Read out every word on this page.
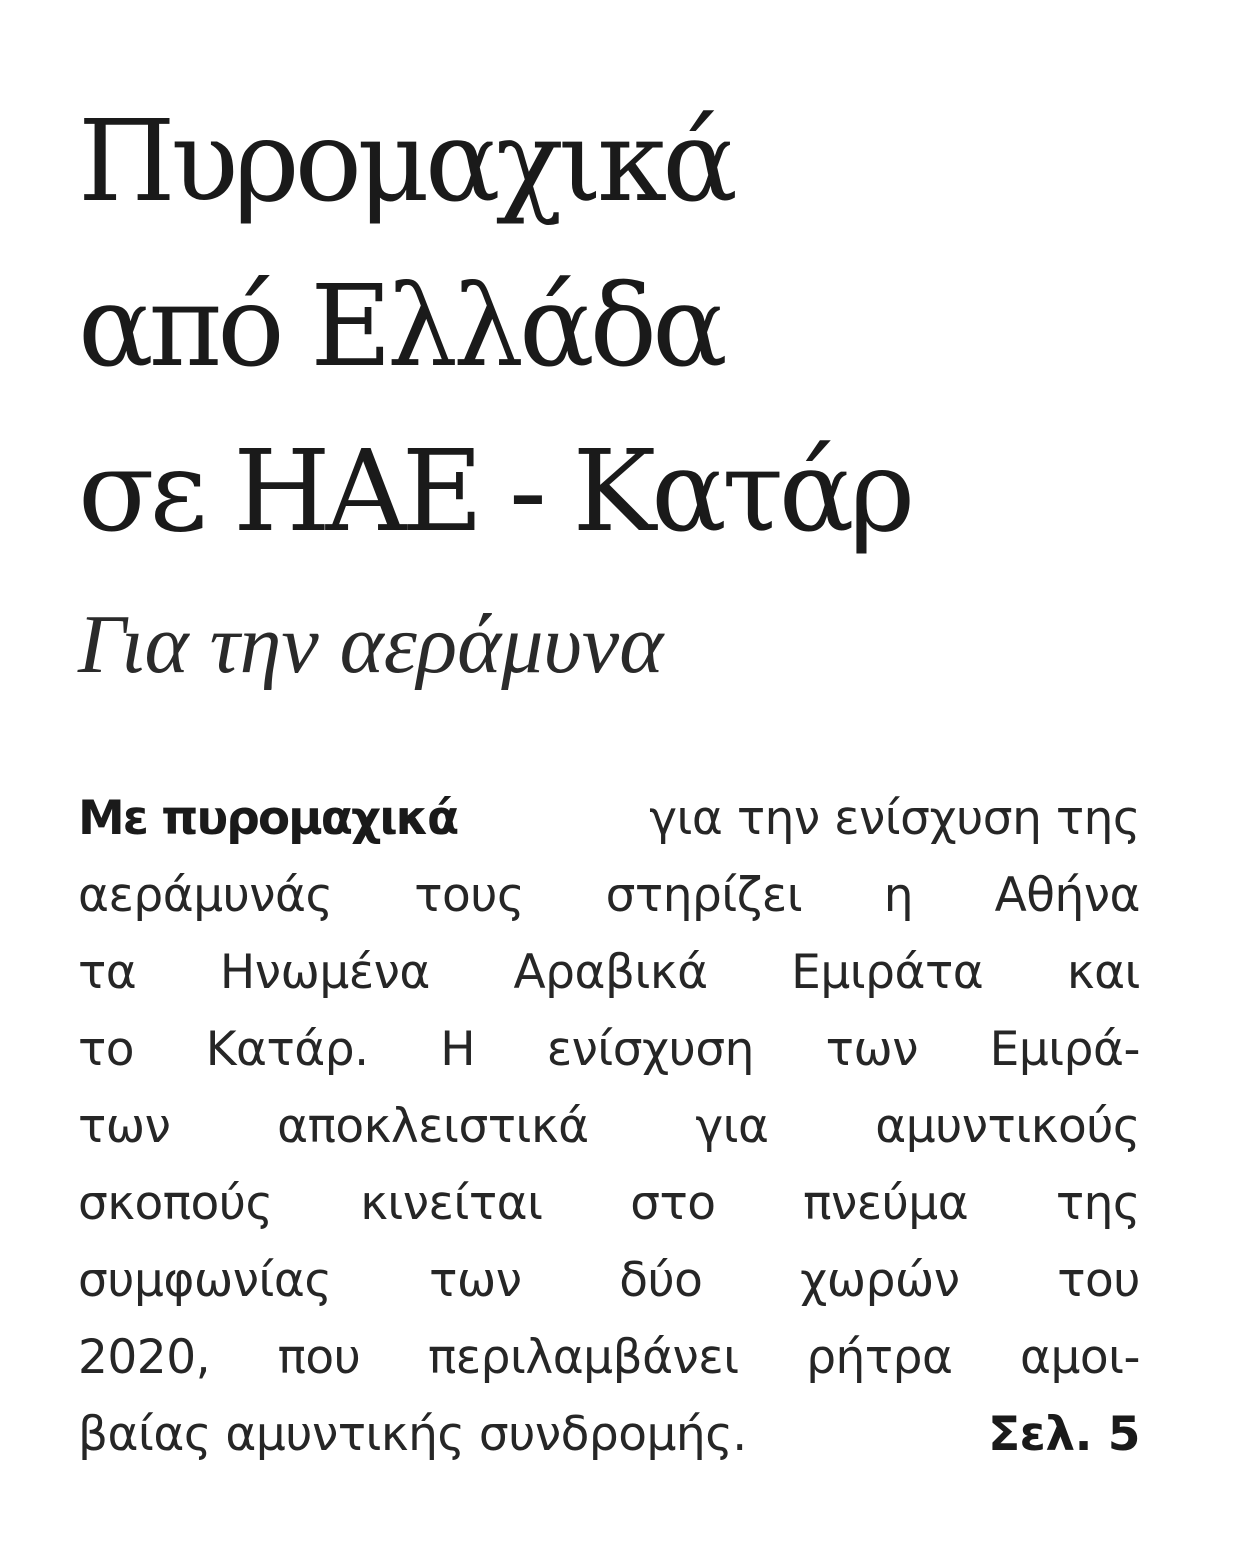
Πυρομαχικά
από Ελλάδα
σε ΗΑΕ - Κατάρ
Για την αεράμυνα
Με πυρομαχικά	για την ενίσχυση της
αεράμυνάς τους στηρίζει η Αθήνα
τα Ηνωμένα Αραβικά Εμιράτα και
το Κατάρ. Η ενίσχυση των Εμιρά-
των αποκλειστικά για αμυντικούς
σκοπούς κινείται στο πνεύμα της
συμφωνίας των δύο χωρών του
2020, που περιλαμβάνει ρήτρα αμοι-
βαίας αμυντικής συνδρομής.	Σελ. 5
